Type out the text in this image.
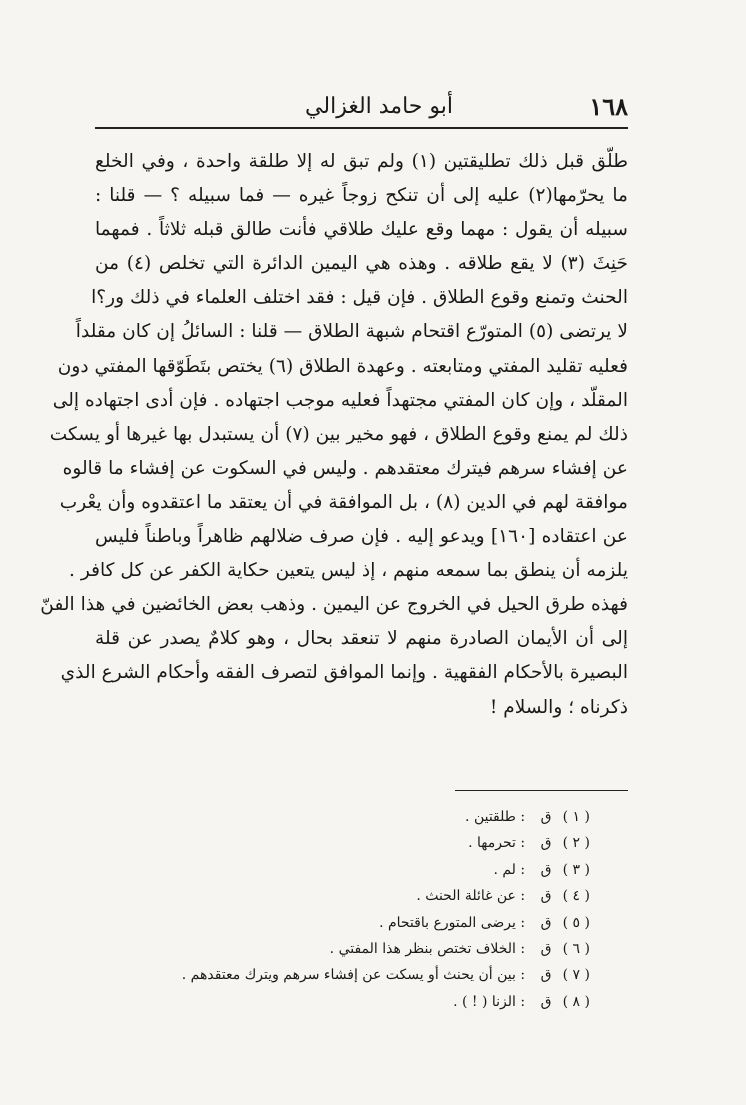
١٦٨
أبو حامد الغزالي
طلّق قبل ذلك تطليقتين (١) ولم تبق له إلا طلقة واحدة ، وفي الخلع
ما يحرّمها(٢) عليه إلى أن تنكح زوجاً غيره — فما سبيله ؟ — قلنا :
سبيله أن يقول : مهما وقع عليك طلاقي فأنت طالق قبله ثلاثاً . فمهما
حَنِثَ (٣) لا يقع طلاقه . وهذه هي اليمين الدائرة التي تخلص (٤) من
الحنث وتمنع وقوع الطلاق . فإن قيل : فقد اختلف العلماء في ذلك ور؟ا
لا يرتضى (٥) المتورّع اقتحام شبهة الطلاق — قلنا : السائلُ إن كان مقلداً
فعليه تقليد المفتي ومتابعته . وعهدة الطلاق (٦) يختص بتَطَوّقها المفتي دون
المقلّد ، وإن كان المفتي مجتهداً فعليه موجب اجتهاده . فإن أدى اجتهاده إلى
ذلك لم يمنع وقوع الطلاق ، فهو مخير بين (٧) أن يستبدل بها غيرها أو يسكت
عن إفشاء سرهم فيترك معتقدهم . وليس في السكوت عن إفشاء ما قالوه
موافقة لهم في الدين (٨) ، بل الموافقة في أن يعتقد ما اعتقدوه وأن يعْرب
عن اعتقاده [١٦٠] ويدعو إليه . فإن صرف ضلالهم ظاهراً وباطناً فليس
يلزمه أن ينطق بما سمعه منهم ، إذ ليس يتعين حكاية الكفر عن كل كافر .
فهذه طرق الحيل في الخروج عن اليمين . وذهب بعض الخائضين في هذا الفنّ
إلى أن الأيمان الصادرة منهم لا تنعقد بحال ، وهو كلامٌ يصدر عن قلة
البصيرة بالأحكام الفقهية . وإنما الموافق لتصرف الفقه وأحكام الشرع الذي
ذكرناه ؛ والسلام !
( ١ ) ق : طلقتين .
( ٢ ) ق : تحرمها .
( ٣ ) ق : لم .
( ٤ ) ق : عن غائلة الحنث .
( ٥ ) ق : يرضى المتورع باقتحام .
( ٦ ) ق : الخلاف تختص بنظر هذا المفتي .
( ٧ ) ق : بين أن يحنث أو يسكت عن إفشاء سرهم ويترك معتقدهم .
( ٨ ) ق : الزنا ( ! ) .
